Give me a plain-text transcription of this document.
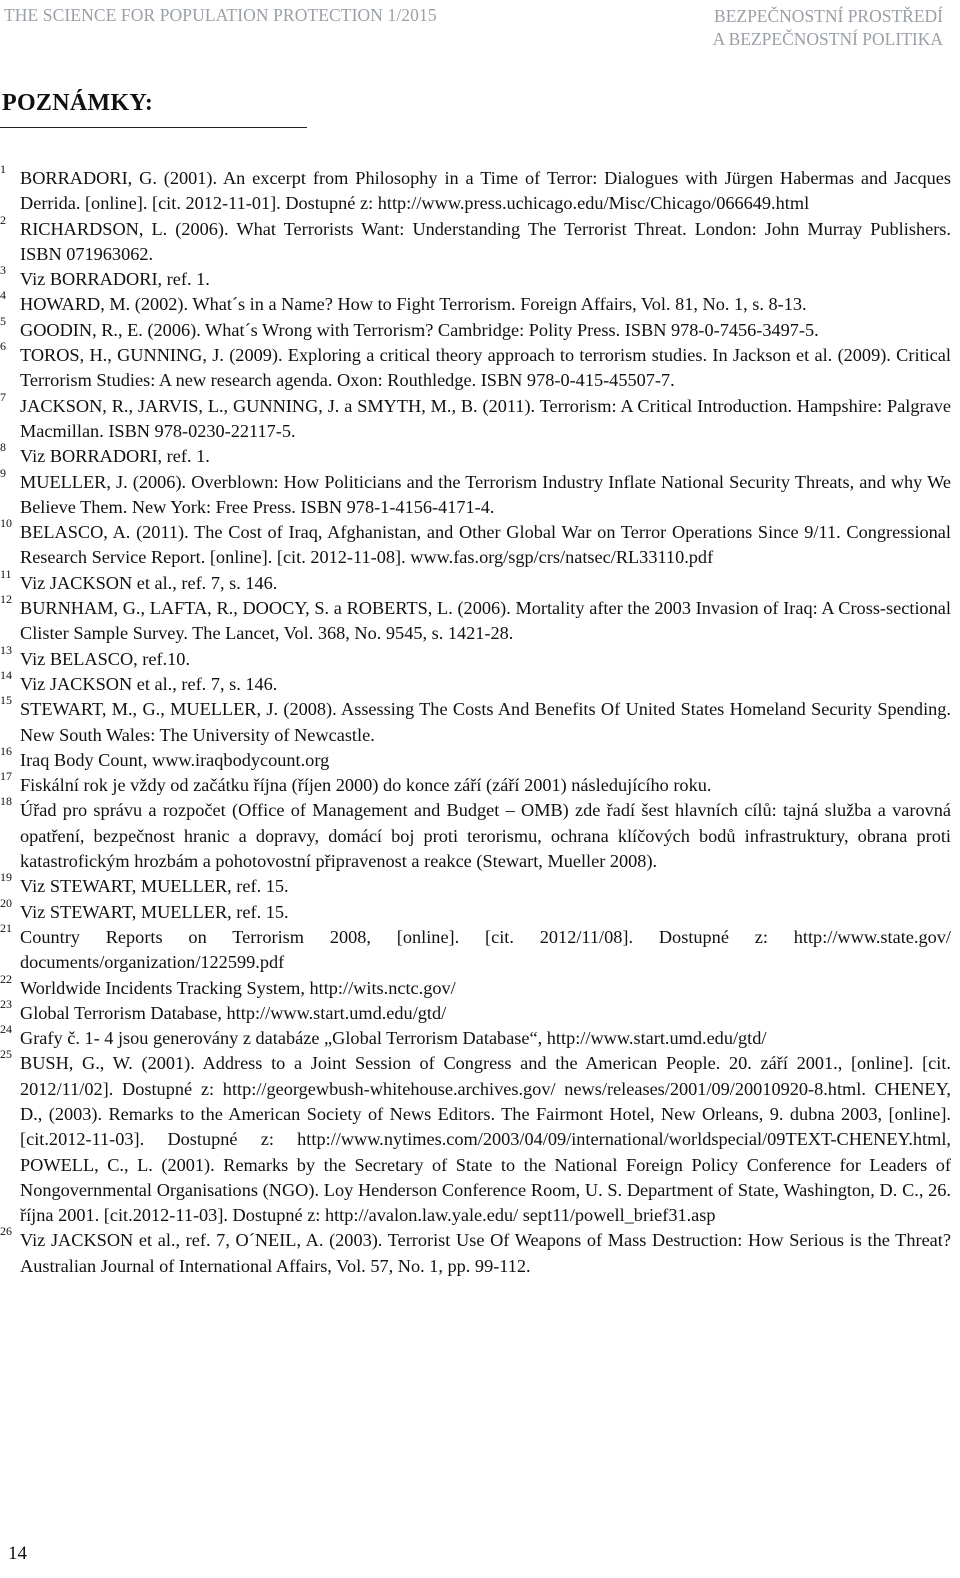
THE SCIENCE FOR POPULATION PROTECTION 1/2015	BEZPEČNOSTNÍ PROSTŘEDÍ
A BEZPEČNOSTNÍ POLITIKA
POZNÁMKY:
1 BORRADORI, G. (2001). An excerpt from Philosophy in a Time of Terror: Dialogues with Jürgen Habermas and Jacques Derrida. [online]. [cit. 2012-11-01]. Dostupné z: http://www.press.uchicago.edu/Misc/Chicago/066649.html
2 RICHARDSON, L. (2006). What Terrorists Want: Understanding The Terrorist Threat. London: John Murray Publishers. ISBN 071963062.
3 Viz BORRADORI, ref. 1.
4 HOWARD, M. (2002). What´s in a Name? How to Fight Terrorism. Foreign Affairs, Vol. 81, No. 1, s. 8-13.
5 GOODIN, R., E. (2006). What´s Wrong with Terrorism? Cambridge: Polity Press. ISBN 978-0-7456-3497-5.
6 TOROS, H., GUNNING, J. (2009). Exploring a critical theory approach to terrorism studies. In Jackson et al. (2009). Critical Terrorism Studies: A new research agenda. Oxon: Routhledge. ISBN 978-0-415-45507-7.
7 JACKSON, R., JARVIS, L., GUNNING, J. a SMYTH, M., B. (2011). Terrorism: A Critical Introduction. Hampshire: Palgrave Macmillan. ISBN 978-0230-22117-5.
8 Viz BORRADORI, ref. 1.
9 MUELLER, J. (2006). Overblown: How Politicians and the Terrorism Industry Inflate National Security Threats, and why We Believe Them. New York: Free Press. ISBN 978-1-4156-4171-4.
10 BELASCO, A. (2011). The Cost of Iraq, Afghanistan, and Other Global War on Terror Operations Since 9/11. Congressional Research Service Report. [online]. [cit. 2012-11-08]. www.fas.org/sgp/crs/natsec/RL33110.pdf
11 Viz JACKSON et al., ref. 7, s. 146.
12 BURNHAM, G., LAFTA, R., DOOCY, S. a ROBERTS, L. (2006). Mortality after the 2003 Invasion of Iraq: A Cross-sectional Clister Sample Survey. The Lancet, Vol. 368, No. 9545, s. 1421-28.
13 Viz BELASCO, ref.10.
14 Viz JACKSON et al., ref. 7, s. 146.
15 STEWART, M., G., MUELLER, J. (2008). Assessing The Costs And Benefits Of United States Homeland Security Spending. New South Wales: The University of Newcastle.
16 Iraq Body Count, www.iraqbodycount.org
17 Fiskální rok je vždy od začátku října (říjen 2000) do konce září (září 2001) následujícího roku.
18 Úřad pro správu a rozpočet (Office of Management and Budget – OMB) zde řadí šest hlavních cílů: tajná služba a varovná opatření, bezpečnost hranic a dopravy, domácí boj proti terorismu, ochrana klíčových bodů infrastruktury, obrana proti katastrofickým hrozbám a pohotovostní připravenost a reakce (Stewart, Mueller 2008).
19 Viz STEWART, MUELLER, ref. 15.
20 Viz STEWART, MUELLER, ref. 15.
21 Country Reports on Terrorism 2008, [online]. [cit. 2012/11/08]. Dostupné z: http://www.state.gov/ documents/organization/122599.pdf
22 Worldwide Incidents Tracking System, http://wits.nctc.gov/
23 Global Terrorism Database, http://www.start.umd.edu/gtd/
24 Grafy č. 1- 4 jsou generovány z databáze „Global Terrorism Database“, http://www.start.umd.edu/gtd/
25 BUSH, G., W. (2001). Address to a Joint Session of Congress and the American People. 20. září 2001., [online]. [cit. 2012/11/02]. Dostupné z: http://georgewbush-whitehouse.archives.gov/ news/releases/2001/09/20010920-8.html. CHENEY, D., (2003). Remarks to the American Society of News Editors. The Fairmont Hotel, New Orleans, 9. dubna 2003, [online]. [cit.2012-11-03]. Dostupné z: http://www.nytimes.com/2003/04/09/international/worldspecial/09TEXT-CHENEY.html, POWELL, C., L. (2001). Remarks by the Secretary of State to the National Foreign Policy Conference for Leaders of Nongovernmental Organisations (NGO). Loy Henderson Conference Room, U. S. Department of State, Washington, D. C., 26. října 2001. [cit.2012-11-03]. Dostupné z: http://avalon.law.yale.edu/ sept11/powell_brief31.asp
26 Viz JACKSON et al., ref. 7, O´NEIL, A. (2003). Terrorist Use Of Weapons of Mass Destruction: How Serious is the Threat? Australian Journal of International Affairs, Vol. 57, No. 1, pp. 99-112.
14
